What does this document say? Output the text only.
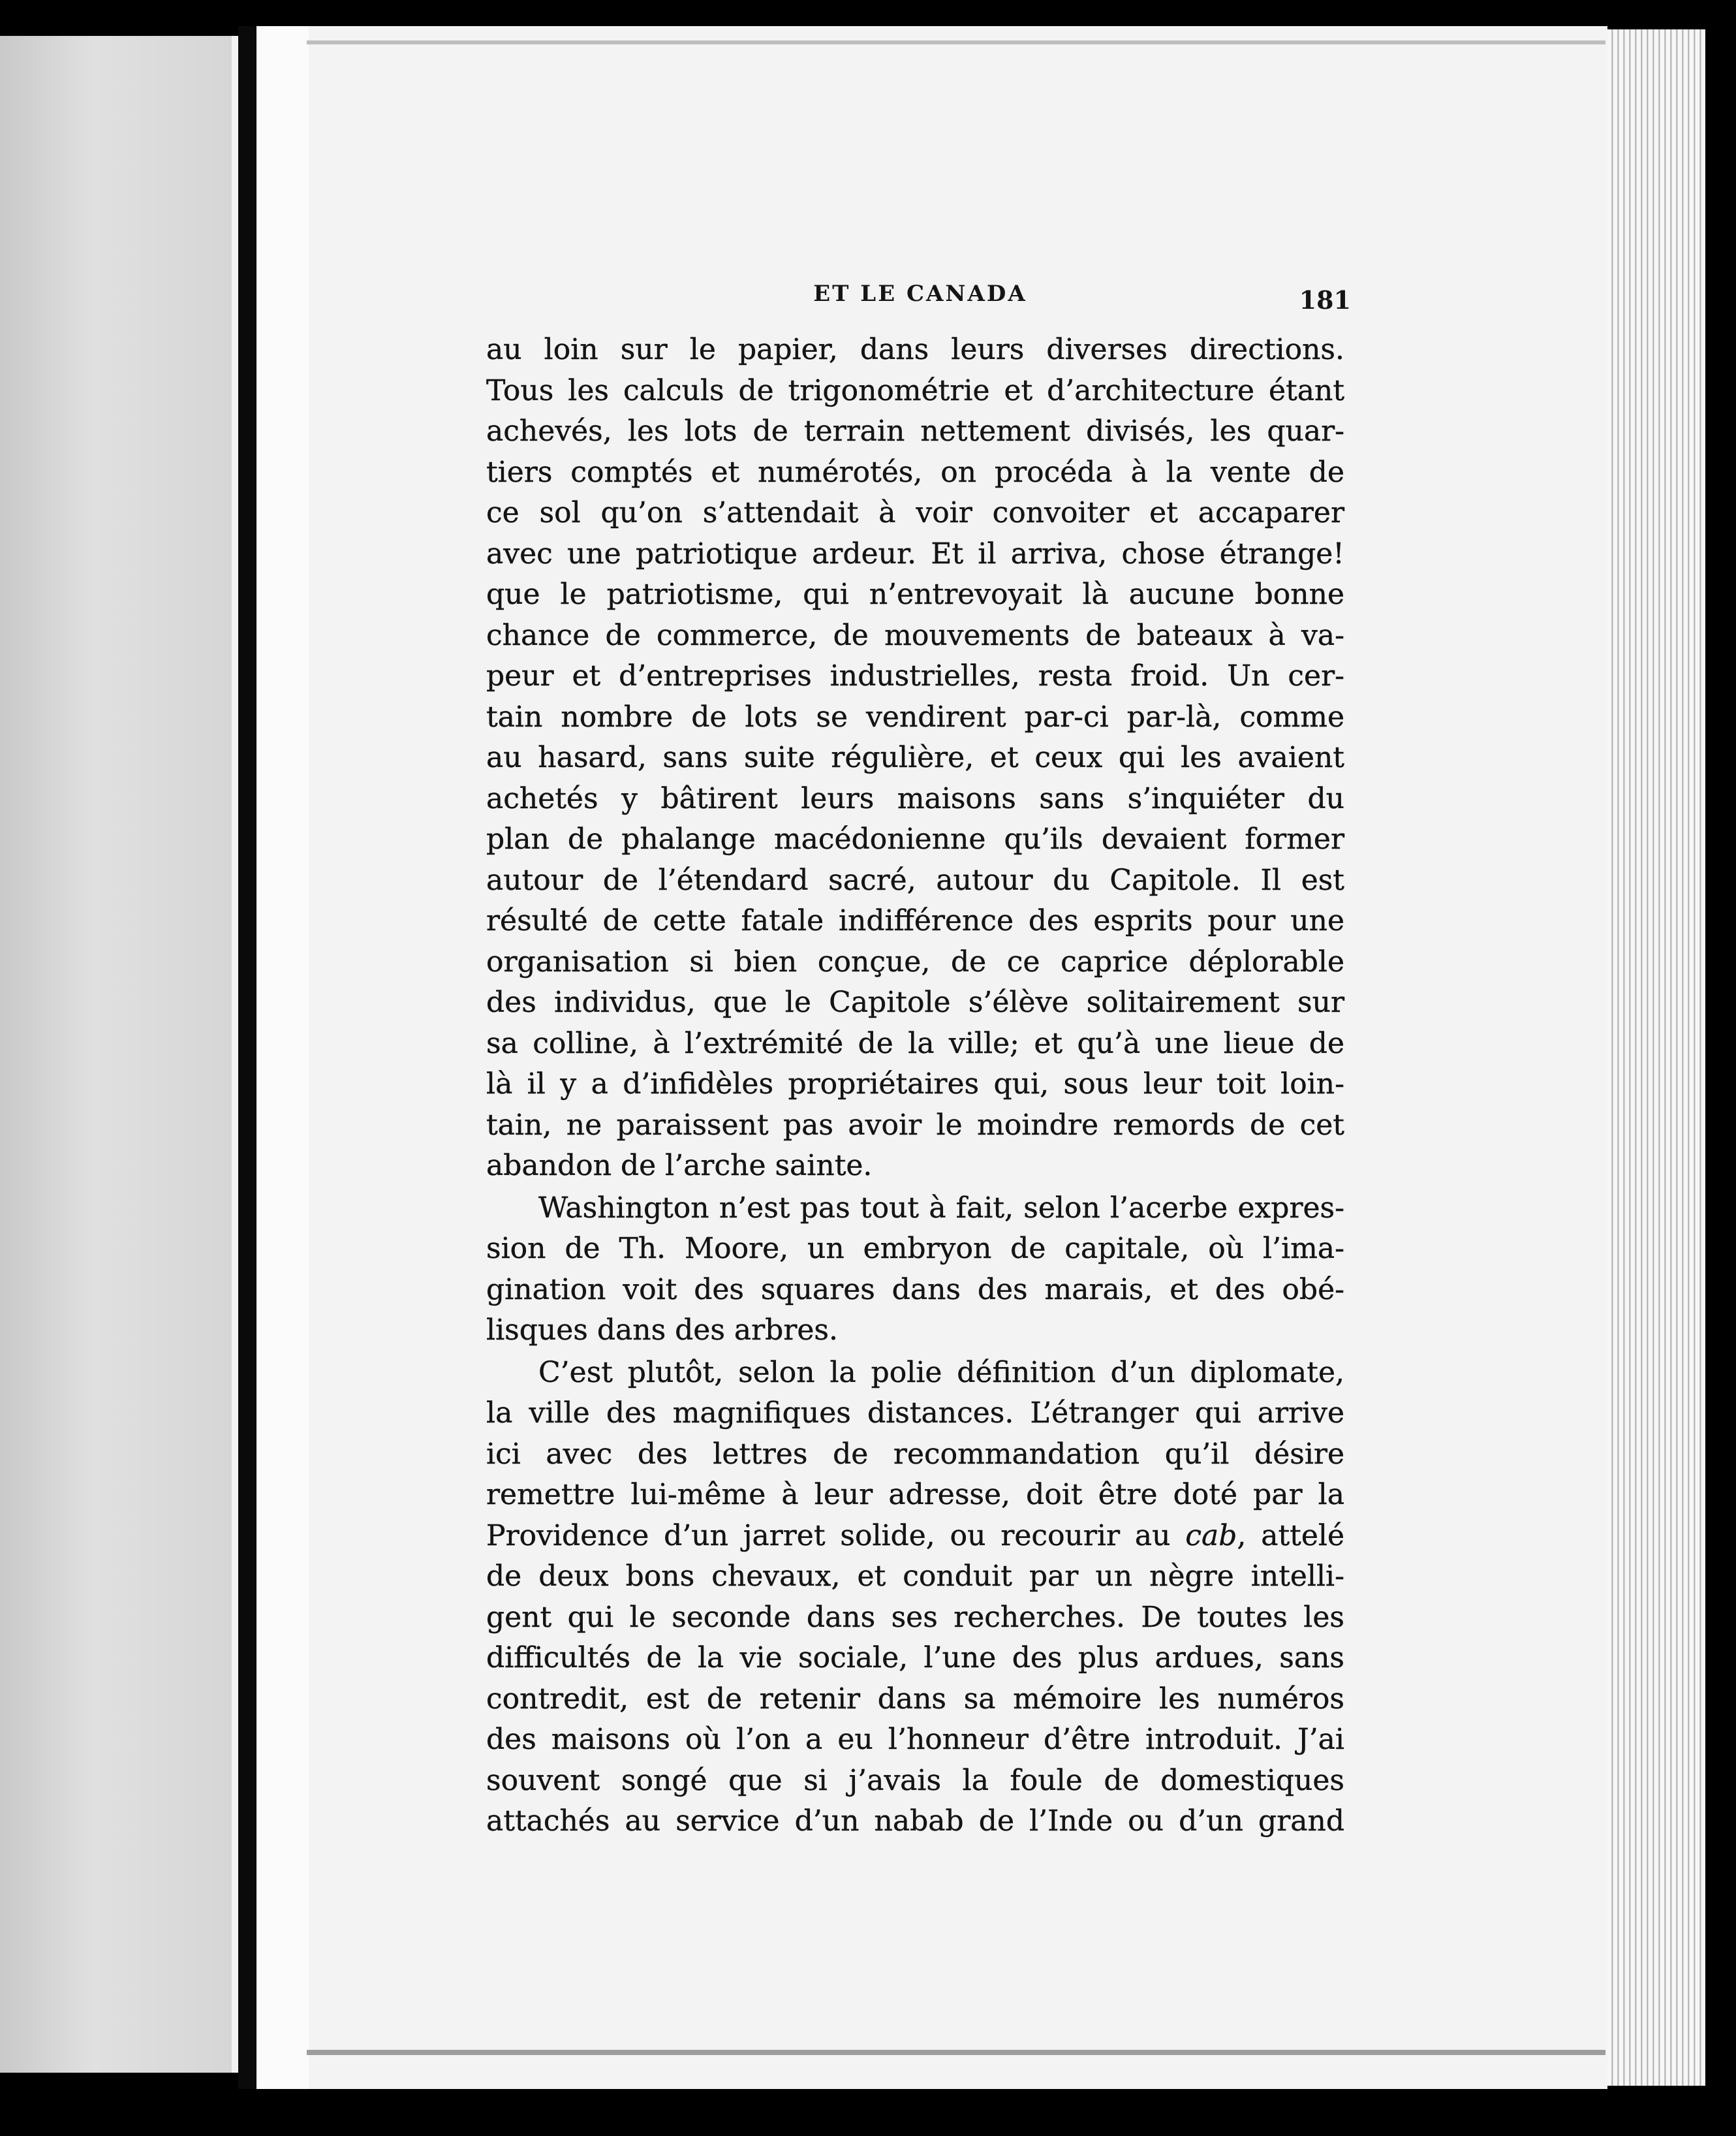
ET LE CANADA	181
au loin sur le papier, dans leurs diverses directions.
Tous les calculs de trigonométrie et d’architecture étant
achevés, les lots de terrain nettement divisés, les quar-
tiers comptés et numérotés, on procéda à la vente de
ce sol qu’on s’attendait à voir convoiter et accaparer
avec une patriotique ardeur. Et il arriva, chose étrange!
que le patriotisme, qui n’entrevoyait là aucune bonne
chance de commerce, de mouvements de bateaux à va-
peur et d’entreprises industrielles, resta froid. Un cer-
tain nombre de lots se vendirent par-ci par-là, comme
au hasard, sans suite régulière, et ceux qui les avaient
achetés y bâtirent leurs maisons sans s’inquiéter du
plan de phalange macédonienne qu’ils devaient former
autour de l’étendard sacré, autour du Capitole. Il est
résulté de cette fatale indifférence des esprits pour une
organisation si bien conçue, de ce caprice déplorable
des individus, que le Capitole s’élève solitairement sur
sa colline, à l’extrémité de la ville; et qu’à une lieue de
là il y a d’infidèles propriétaires qui, sous leur toit loin-
tain, ne paraissent pas avoir le moindre remords de cet
abandon de l’arche sainte.
Washington n’est pas tout à fait, selon l’acerbe expres-
sion de Th. Moore, un embryon de capitale, où l’ima-
gination voit des squares dans des marais, et des obé-
lisques dans des arbres.
C’est plutôt, selon la polie définition d’un diplomate,
la ville des magnifiques distances. L’étranger qui arrive
ici avec des lettres de recommandation qu’il désire
remettre lui-même à leur adresse, doit être doté par la
Providence d’un jarret solide, ou recourir au cab, attelé
de deux bons chevaux, et conduit par un nègre intelli-
gent qui le seconde dans ses recherches. De toutes les
difficultés de la vie sociale, l’une des plus ardues, sans
contredit, est de retenir dans sa mémoire les numéros
des maisons où l’on a eu l’honneur d’être introduit. J’ai
souvent songé que si j’avais la foule de domestiques
attachés au service d’un nabab de l’Inde ou d’un grand
